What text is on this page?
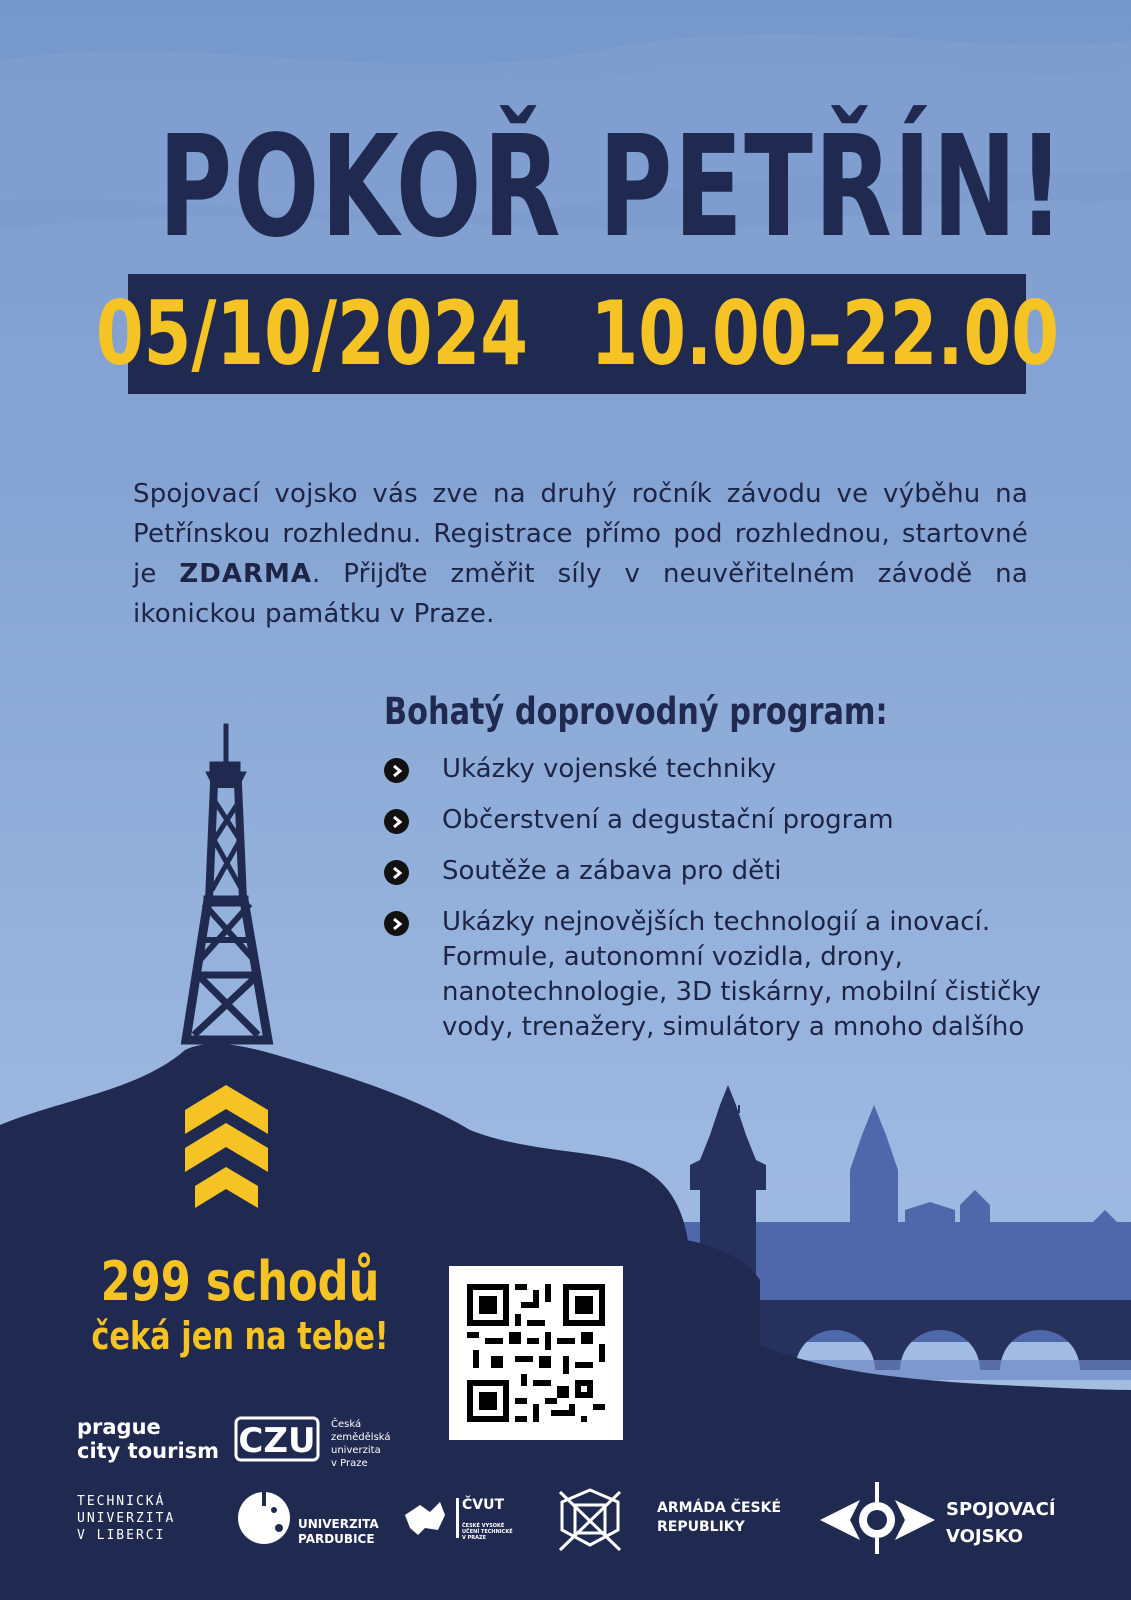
POKOŘ PETŘÍN!
05/10/2024 10.00–22.00

Spojovací vojsko vás zve na druhý ročník závodu ve výběhu na Petřínskou rozhlednu. Registrace přímo pod rozhlednou, startovné je ZDARMA. Přijďte změřit síly v neuvěřitelném závodě na ikonickou památku v Praze.

CZU
Bohatý doprovodný program:
Ukázky vojenské techniky
Občerstvení a degustační program
Soutěže a zábava pro děti
Ukázky nejnovějších technologií a inovací. Formule, autonomní vozidla, drony, nanotechnologie, 3D tiskárny, mobilní čističky vody, trenažery, simulátory a mnoho dalšího
299 schodů
čeká jen na tebe!
prague
city tourism
Česká
zemědělská
univerzita
v Praze
TECHNICKÁ
UNIVERZITA
V LIBERCI
UNIVERZITA
PARDUBICE
ČVUT
ČESKÉ VYSOKÉ
UČENÍ TECHNICKÉ
V PRAZE
ARMÁDA ČESKÉ
REPUBLIKY
SPOJOVACÍ
VOJSKO
